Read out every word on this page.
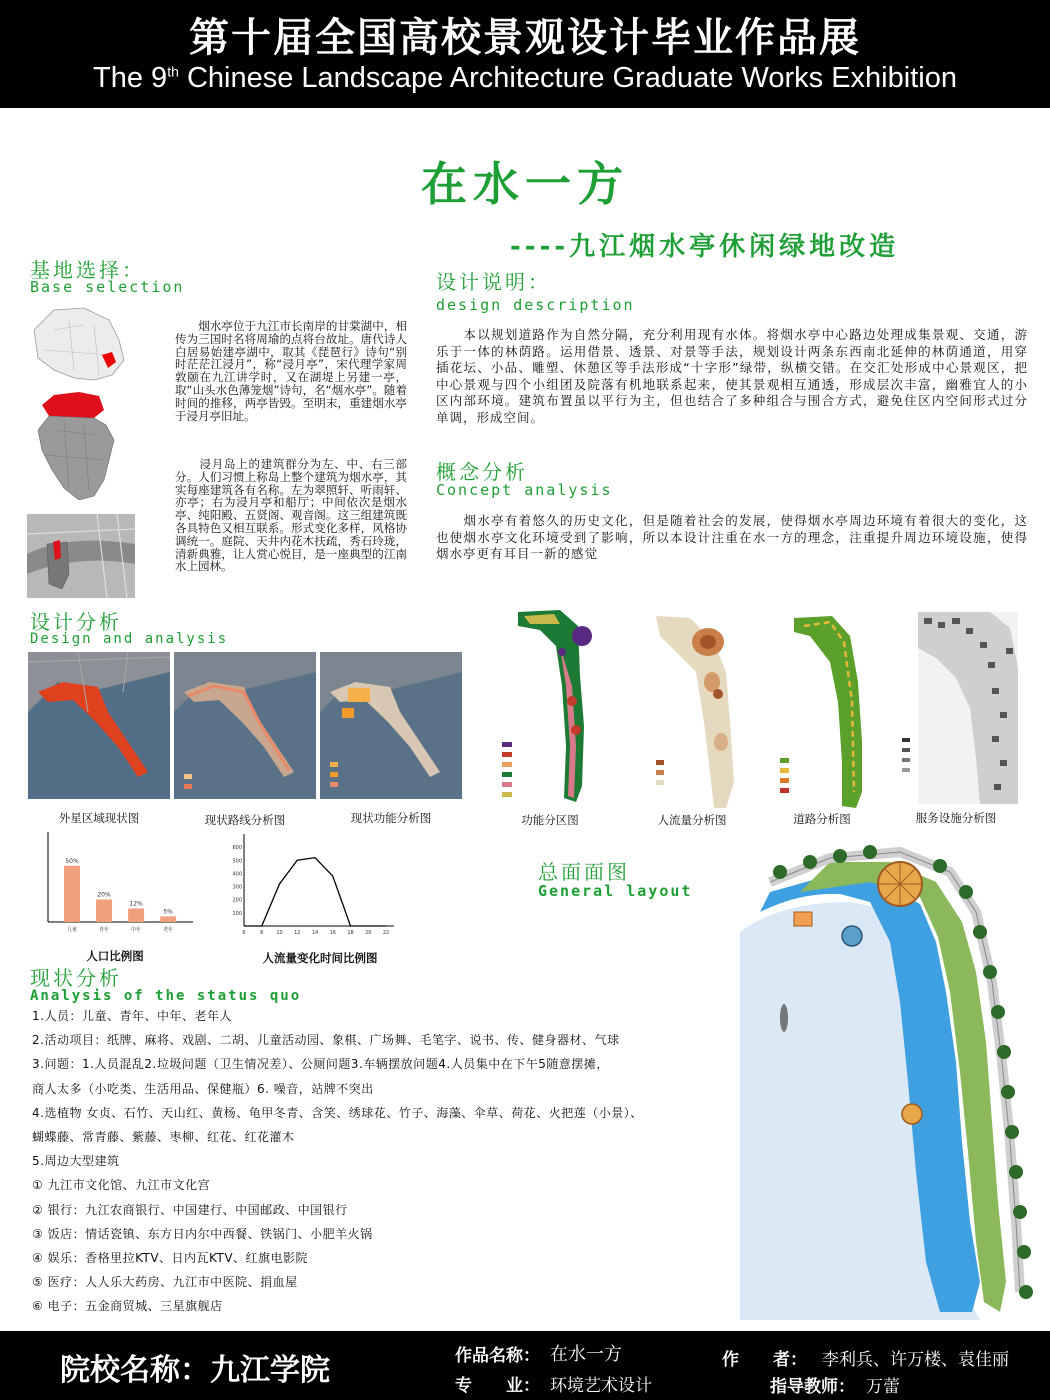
第十届全国高校景观设计毕业作品展
The 9th Chinese Landscape Architecture Graduate Works Exhibition
在水一方
----九江烟水亭休闲绿地改造
基地选择：
Base selection
　　烟水亭位于九江市长南岸的甘棠湖中，相传为三国时名将周瑜的点将台故址。唐代诗人白居易始建亭湖中，取其《琵琶行》诗句“别时茫茫江浸月”，称“浸月亭”，宋代理学家周敦颐在九江讲学时，又在湖堤上另建一亭，取“山头水色薄笼烟”诗句，名“烟水亭”。随着时间的推移，两亭皆毁。至明末，重建烟水亭于浸月亭旧址。
　　浸月岛上的建筑群分为左、中、右三部分。人们习惯上称岛上整个建筑为烟水亭，其实每座建筑各有名称。左为翠照轩、听雨轩、亦亭；右为浸月亭和船厅；中间依次是烟水亭、纯阳殿、五贤阁、观音阁。这三组建筑既各具特色又相互联系。形式变化多样，风格协调统一。庭院、天井内花木扶疏，秀石玲珑，清新典雅，让人赏心悦目，是一座典型的江南水上园林。
设计说明：
design description
　　本以规划道路作为自然分隔，充分利用现有水体。将烟水亭中心路边处理成集景观、交通，游乐于一体的林荫路。运用借景、透景、对景等手法，规划设计两条东西南北延伸的林荫通道，用穿插花坛、小品、雕塑、休憩区等手法形成“十字形”绿带，纵横交错。在交汇处形成中心景观区，把中心景观与四个小组团及院落有机地联系起来，使其景观相互通透，形成层次丰富，幽雅宜人的小区内部环境。建筑布置虽以平行为主，但也结合了多种组合与围合方式，避免住区内空间形式过分单调，形成空间。
概念分析
Concept analysis
　　烟水亭有着悠久的历史文化，但是随着社会的发展，使得烟水亭周边环境有着很大的变化，这也使烟水亭文化环境受到了影响，所以本设计注重在水一方的理念，注重提升周边环境设施，使得烟水亭更有耳目一新的感觉
设计分析
Design and analysis
外星区域现状图	现状路线分析图	现状功能分析图	功能分区图	人流量分析图	道路分析图	服务设施分析图
50%
儿童
20%
青年
12%
中年
5%
老年
人口比例图
6	8	10 12 14 16 18 20 22
100
200
300
400
500
600
人流量变化时间比例图
总面面图
General layout
现状分析
Analysis of the status quo
1.人员：儿童、青年、中年、老年人
2.活动项目：纸牌、麻将、戏剧、二胡、儿童活动园、象棋、广场舞、毛笔字、说书、传、健身器材、气球
3.问题：1.人员混乱2.垃圾问题（卫生情况差）、公厕问题3.车辆摆放问题4.人员集中在下午5随意摆摊，
商人太多（小吃类、生活用品、保健瓶）6. 噪音，站牌不突出
4.选植物 女贞、石竹、天山红、黄杨、龟甲冬青、含笑、绣球花、竹子、海藻、伞草、荷花、火把莲（小景）、
蝴蝶藤、常青藤、紫藤、枣柳、红花、红花灌木
5.周边大型建筑
① 九江市文化馆、九江市文化宫
② 银行：九江农商银行、中国建行、中国邮政、中国银行
③ 饭店：情话瓷镇、东方日内尔中西餐、铁锅门、小肥羊火锅
④ 娱乐：香格里拉KTV、日内瓦KTV、红旗电影院
⑤ 医疗：人人乐大药房、九江市中医院、捐血屋
⑥ 电子：五金商贸城、三星旗舰店
院校名称：九江学院	作品名称： 在水一方
专　　业： 环境艺术设计
作　　者： 李利兵、许万楼、袁佳丽
指导教师： 万蕾
